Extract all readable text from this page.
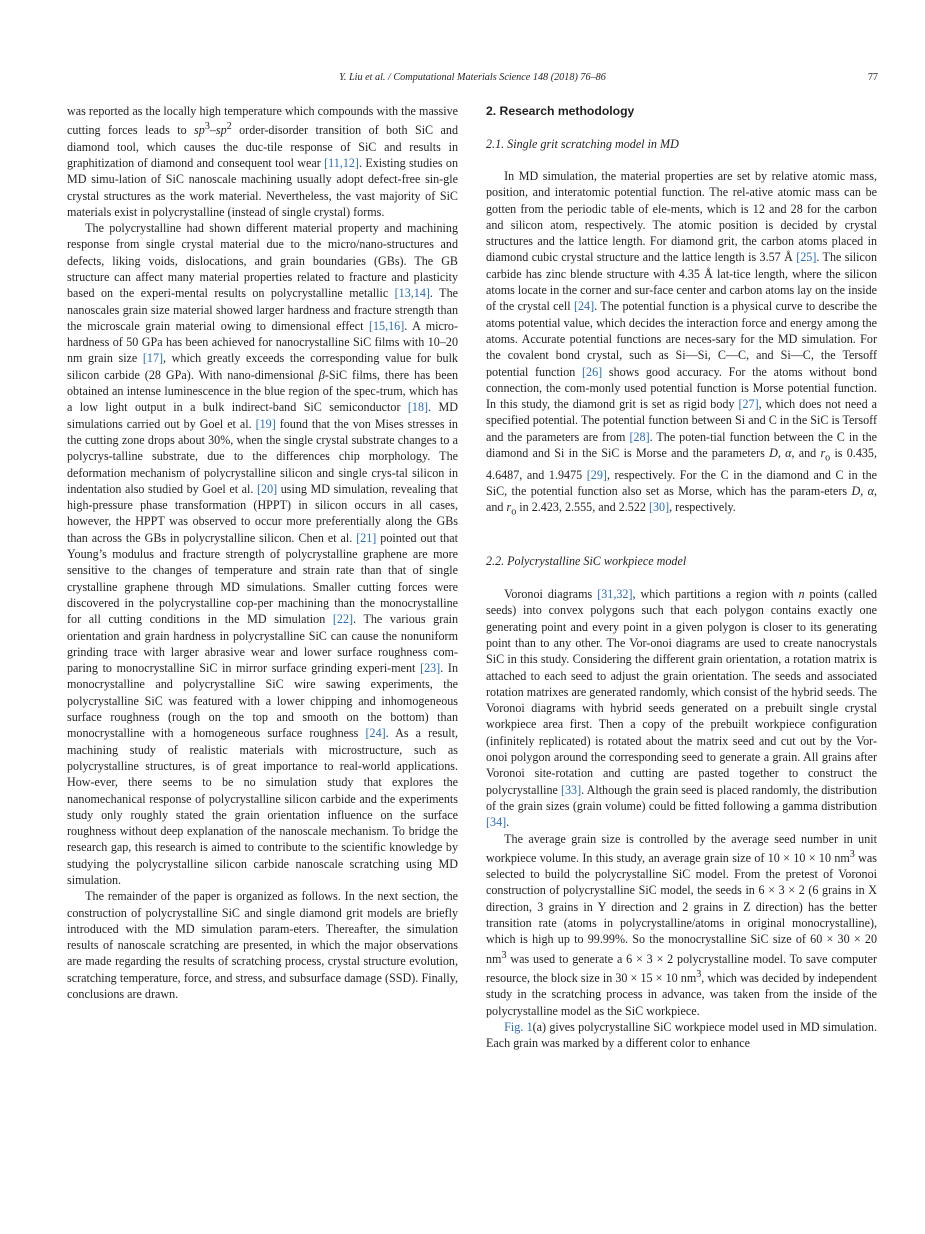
Y. Liu et al. / Computational Materials Science 148 (2018) 76–86	77

was reported as the locally high temperature which compounds with the massive cutting forces leads to $sp^3-sp^2$ order-disorder transition of both SiC and diamond tool, which causes the duc-tile response of SiC and results in graphitization of diamond and consequent tool wear [11,12]. Existing studies on MD simu-lation of SiC nanoscale machining usually adopt defect-free sin-gle crystal structures as the work material. Nevertheless, the vast majority of SiC materials exist in polycrystalline (instead of single crystal) forms.

The polycrystalline had shown different material property and machining response from single crystal material due to the micro/nano-structures and defects, liking voids, dislocations, and grain boundaries (GBs). The GB structure can affect many material properties related to fracture and plasticity based on the experi-mental results on polycrystalline metallic [13,14]. The nanoscales grain size material showed larger hardness and fracture strength than the microscale grain material owing to dimensional effect [15,16]. A micro-hardness of 50 GPa has been achieved for nanocrystalline SiC films with 10–20 nm grain size [17], which greatly exceeds the corresponding value for bulk silicon carbide (28 GPa). With nano-dimensional β-SiC films, there has been obtained an intense luminescence in the blue region of the spec-trum, which has a low light output in a bulk indirect-band SiC semiconductor [18]. MD simulations carried out by Goel et al. [19] found that the von Mises stresses in the cutting zone drops about 30%, when the single crystal substrate changes to a polycrys-talline substrate, due to the differences chip morphology. The deformation mechanism of polycrystalline silicon and single crys-tal silicon in indentation also studied by Goel et al. [20] using MD simulation, revealing that high-pressure phase transformation (HPPT) in silicon occurs in all cases, however, the HPPT was observed to occur more preferentially along the GBs than across the GBs in polycrystalline silicon. Chen et al. [21] pointed out that Young’s modulus and fracture strength of polycrystalline graphene are more sensitive to the changes of temperature and strain rate than that of single crystalline graphene through MD simulations. Smaller cutting forces were discovered in the polycrystalline cop-per machining than the monocrystalline for all cutting conditions in the MD simulation [22]. The various grain orientation and grain hardness in polycrystalline SiC can cause the nonuniform grinding trace with larger abrasive wear and lower surface roughness com-paring to monocrystalline SiC in mirror surface grinding experi-ment [23]. In monocrystalline and polycrystalline SiC wire sawing experiments, the polycrystalline SiC was featured with a lower chipping and inhomogeneous surface roughness (rough on the top and smooth on the bottom) than monocrystalline with a homogeneous surface roughness [24]. As a result, machining study of realistic materials with microstructure, such as polycrystalline structures, is of great importance to real-world applications. How-ever, there seems to be no simulation study that explores the nanomechanical response of polycrystalline silicon carbide and the experiments study only roughly stated the grain orientation influence on the surface roughness without deep explanation of the nanoscale mechanism. To bridge the research gap, this research is aimed to contribute to the scientific knowledge by studying the polycrystalline silicon carbide nanoscale scratching using MD simulation.

The remainder of the paper is organized as follows. In the next section, the construction of polycrystalline SiC and single diamond grit models are briefly introduced with the MD simulation param-eters. Thereafter, the simulation results of nanoscale scratching are presented, in which the major observations are made regarding the results of scratching process, crystal structure evolution, scratching temperature, force, and stress, and subsurface damage (SSD). Finally, conclusions are drawn.

2. Research methodology
2.1. Single grit scratching model in MD

In MD simulation, the material properties are set by relative atomic mass, position, and interatomic potential function. The rel-ative atomic mass can be gotten from the periodic table of ele-ments, which is 12 and 28 for the carbon and silicon atom, respectively. The atomic position is decided by crystal structures and the lattice length. For diamond grit, the carbon atoms placed in diamond cubic crystal structure and the lattice length is 3.57 Å [25]. The silicon carbide has zinc blende structure with 4.35 Å lat-tice length, where the silicon atoms locate in the corner and sur-face center and carbon atoms lay on the inside of the crystal cell [24]. The potential function is a physical curve to describe the atoms potential value, which decides the interaction force and energy among the atoms. Accurate potential functions are neces-sary for the MD simulation. For the covalent bond crystal, such as Si—Si, C—C, and Si—C, the Tersoff potential function [26] shows good accuracy. For the atoms without bond connection, the com-monly used potential function is Morse potential function. In this study, the diamond grit is set as rigid body [27], which does not need a specified potential. The potential function between Si and C in the SiC is Tersoff and the parameters are from [28]. The poten-tial function between the C in the diamond and Si in the SiC is Morse and the parameters D, α, and $r_o$ is 0.435, 4.6487, and 1.9475 [29], respectively. For the C in the diamond and C in the SiC, the potential function also set as Morse, which has the param-eters D, α, and $r_o$ in 2.423, 2.555, and 2.522 [30], respectively.

2.2. Polycrystalline SiC workpiece model

Voronoi diagrams [31,32], which partitions a region with n points (called seeds) into convex polygons such that each polygon contains exactly one generating point and every point in a given polygon is closer to its generating point than to any other. The Vor-onoi diagrams are used to create nanocrystals SiC in this study. Considering the different grain orientation, a rotation matrix is attached to each seed to adjust the grain orientation. The seeds and associated rotation matrixes are generated randomly, which consist of the hybrid seeds. The Voronoi diagrams with hybrid seeds generated on a prebuilt single crystal workpiece area first. Then a copy of the prebuilt workpiece configuration (infinitely replicated) is rotated about the matrix seed and cut out by the Vor-onoi polygon around the corresponding seed to generate a grain. All grains after Voronoi site-rotation and cutting are pasted together to construct the polycrystalline [33]. Although the grain seed is placed randomly, the distribution of the grain sizes (grain volume) could be fitted following a gamma distribution [34].

The average grain size is controlled by the average seed number in unit workpiece volume. In this study, an average grain size of 10 × 10 × 10 $nm^3$ was selected to build the polycrystalline SiC model. From the pretest of Voronoi construction of polycrystalline SiC model, the seeds in 6 × 3 × 2 (6 grains in X direction, 3 grains in Y direction and 2 grains in Z direction) has the better transition rate (atoms in polycrystalline/atoms in original monocrystalline), which is high up to 99.99%. So the monocrystalline SiC size of 60 × 30 × 20 $nm^3$ was used to generate a 6 × 3 × 2 polycrystalline model. To save computer resource, the block size in 30 × 15 × 10 $nm^3$, which was decided by independent study in the scratching process in advance, was taken from the inside of the polycrystalline model as the SiC workpiece.

Fig. 1(a) gives polycrystalline SiC workpiece model used in MD simulation. Each grain was marked by a different color to enhance
